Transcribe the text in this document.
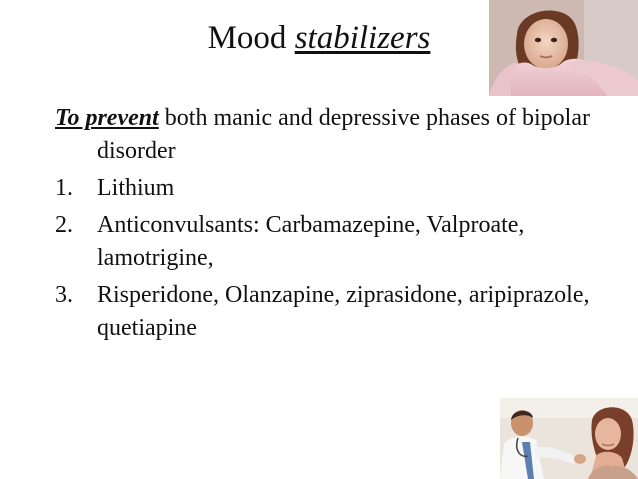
Mood stabilizers
To prevent both manic and depressive phases of bipolar disorder
1. Lithium
2. Anticonvulsants: Carbamazepine, Valproate, lamotrigine,
3. Risperidone, Olanzapine, ziprasidone, aripiprazole, quetiapine
